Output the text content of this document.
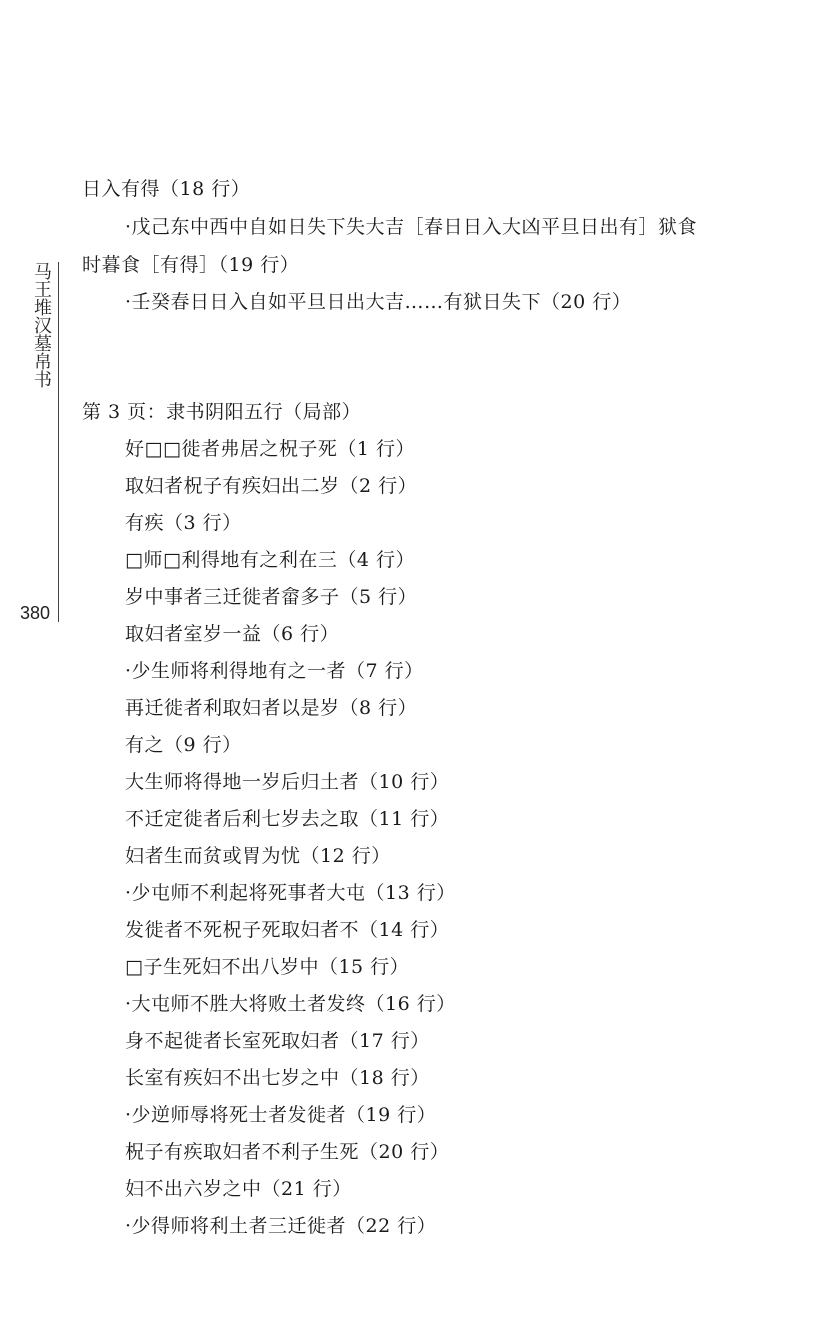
马王堆汉墓帛书
380
日入有得（18 行）
·戊己东中西中自如日失下失大吉［春日日入大凶平旦日出有］狱食
时暮食［有得］（19 行）
·壬癸春日日入自如平旦日出大吉……有狱日失下（20 行）
第 3 页：隶书阴阳五行（局部）
好□□徙者弗居之柷子死（1 行）
取妇者柷子有疾妇出二岁（2 行）
有疾（3 行）
□师□利得地有之利在三（4 行）
岁中事者三迁徙者畲多子（5 行）
取妇者室岁一益（6 行）
·少生师将利得地有之一者（7 行）
再迁徙者利取妇者以是岁（8 行）
有之（9 行）
大生师将得地一岁后归土者（10 行）
不迁定徙者后利七岁去之取（11 行）
妇者生而贫或胃为忧（12 行）
·少屯师不利起将死事者大屯（13 行）
发徙者不死柷子死取妇者不（14 行）
□子生死妇不出八岁中（15 行）
·大屯师不胜大将败土者发终（16 行）
身不起徙者长室死取妇者（17 行）
长室有疾妇不出七岁之中（18 行）
·少逆师辱将死士者发徙者（19 行）
柷子有疾取妇者不利子生死（20 行）
妇不出六岁之中（21 行）
·少得师将利土者三迁徙者（22 行）
